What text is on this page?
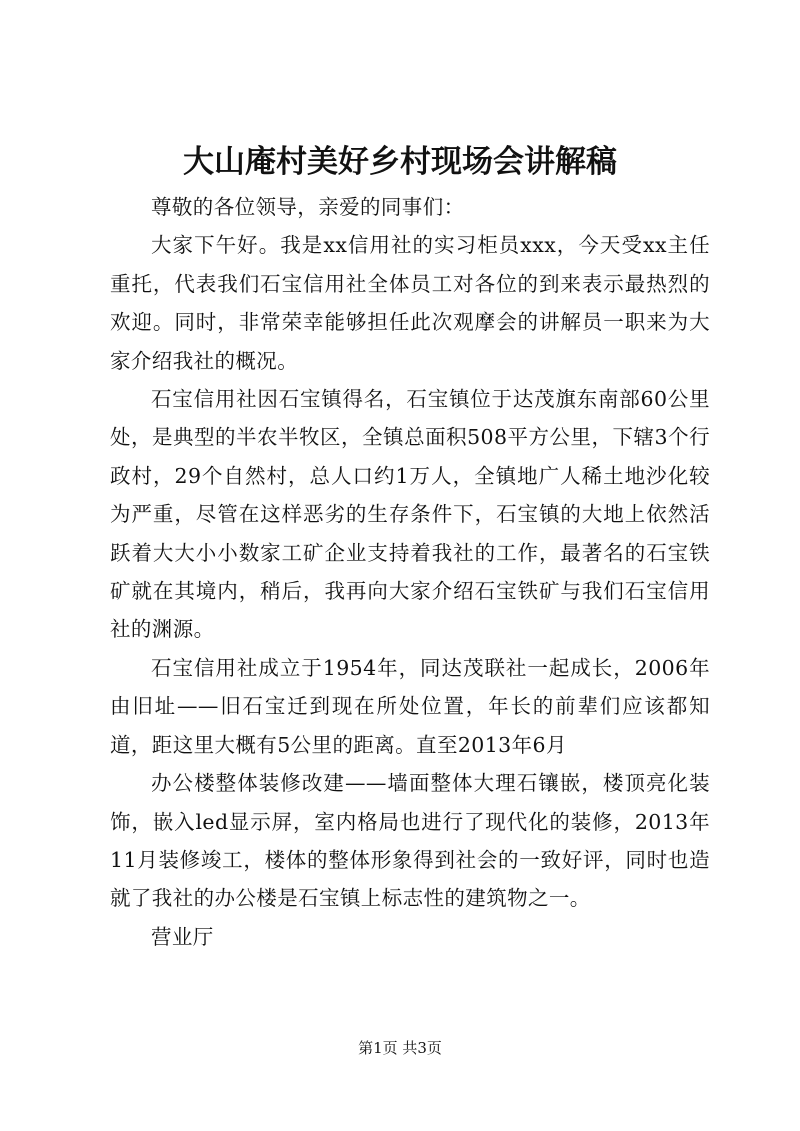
大山庵村美好乡村现场会讲解稿

尊敬的各位领导，亲爱的同事们：

大家下午好。我是xx信用社的实习柜员xxx，今天受xx主任重托，代表我们石宝信用社全体员工对各位的到来表示最热烈的欢迎。同时，非常荣幸能够担任此次观摩会的讲解员一职来为大家介绍我社的概况。

石宝信用社因石宝镇得名，石宝镇位于达茂旗东南部60公里处，是典型的半农半牧区，全镇总面积508平方公里，下辖3个行政村，29个自然村，总人口约1万人，全镇地广人稀土地沙化较为严重，尽管在这样恶劣的生存条件下，石宝镇的大地上依然活跃着大大小小数家工矿企业支持着我社的工作，最著名的石宝铁矿就在其境内，稍后，我再向大家介绍石宝铁矿与我们石宝信用社的渊源。

石宝信用社成立于1954年，同达茂联社一起成长，2006年由旧址——旧石宝迁到现在所处位置，年长的前辈们应该都知道，距这里大概有5公里的距离。直至2013年6月

办公楼整体装修改建——墙面整体大理石镶嵌，楼顶亮化装饰，嵌入led显示屏，室内格局也进行了现代化的装修，2013年11月装修竣工，楼体的整体形象得到社会的一致好评，同时也造就了我社的办公楼是石宝镇上标志性的建筑物之一。

营业厅

第1页 共3页
